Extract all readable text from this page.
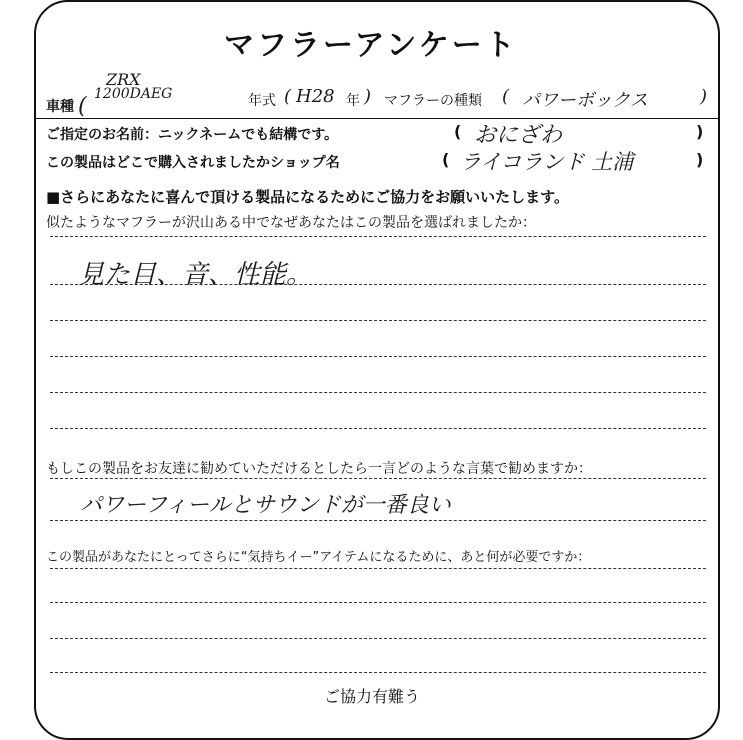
マフラーアンケート
車種 (
ZRX
1200DAEG	年式 ( H28 年 ) マフラーの種類 ( パワーボックス	)
ご指定のお名前：ニックネームでも結構です。	( おにざわ	)
この製品はどこで購入されましたかショップ名	( ライコランド 土浦	)
■さらにあなたに喜んで頂ける製品になるためにご協力をお願いいたします。
似たようなマフラーが沢山ある中でなぜあなたはこの製品を選ばれましたか：
見た目、音、性能。
もしこの製品をお友達に勧めていただけるとしたら一言どのような言葉で勧めますか：
パワーフィールとサウンドが一番良い
この製品があなたにとってさらに“気持ちイー”アイテムになるために、あと何が必要ですか：
ご協力有難う
